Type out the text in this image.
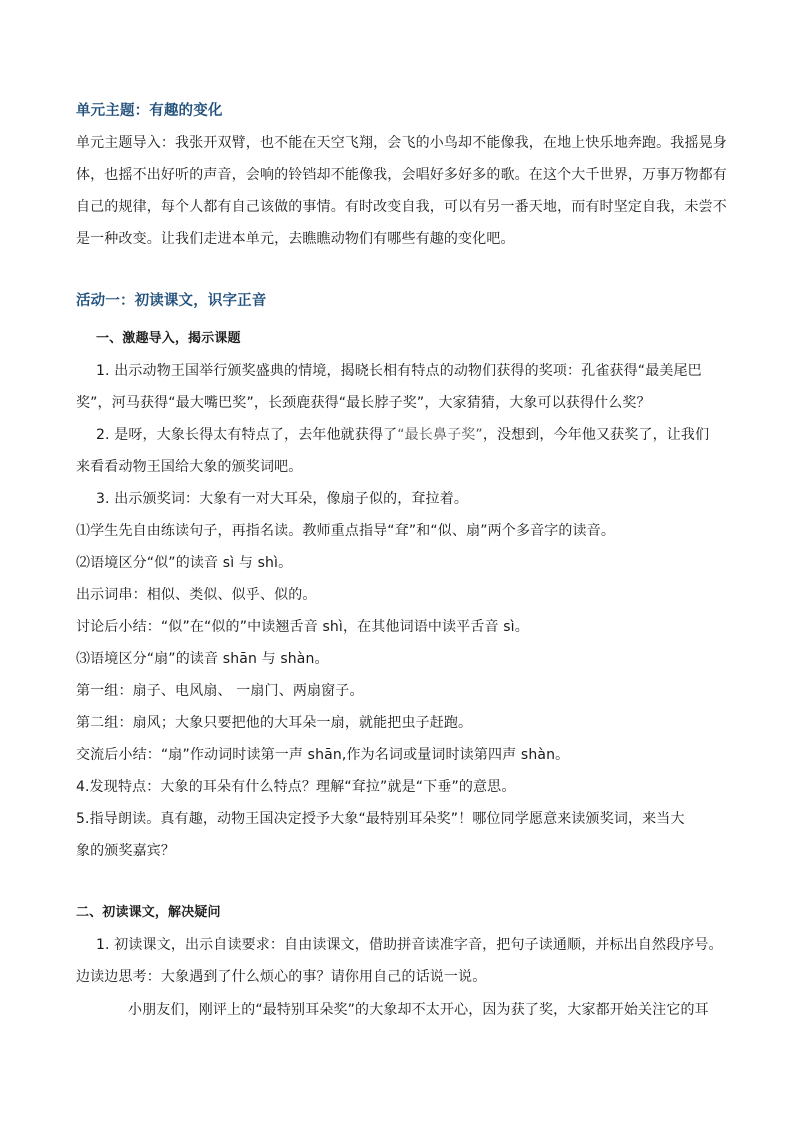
单元主题：有趣的变化

单元主题导入：我张开双臂，也不能在天空飞翔，会飞的小鸟却不能像我，在地上快乐地奔跑。我摇晃身

体，也摇不出好听的声音，会响的铃铛却不能像我，会唱好多好多的歌。在这个大千世界，万事万物都有

自己的规律，每个人都有自己该做的事情。有时改变自我，可以有另一番天地，而有时坚定自我，未尝不

是一种改变。让我们走进本单元，去瞧瞧动物们有哪些有趣的变化吧。

活动一：初读课文，识字正音

一、激趣导入，揭示课题

1. 出示动物王国举行颁奖盛典的情境，揭晓长相有特点的动物们获得的奖项：孔雀获得“最美尾巴

奖”，河马获得“最大嘴巴奖”，长颈鹿获得“最长脖子奖”，大家猜猜，大象可以获得什么奖？

2. 是呀，大象长得太有特点了，去年他就获得了“最长鼻子奖”，没想到，今年他又获奖了，让我们

来看看动物王国给大象的颁奖词吧。

3. 出示颁奖词：大象有一对大耳朵，像扇子似的，耷拉着。

⑴学生先自由练读句子，再指名读。教师重点指导“耷”和“似、扇”两个多音字的读音。

⑵语境区分“似”的读音 sì 与 shì。

出示词串：相似、类似、似乎、似的。

讨论后小结：“似”在“似的”中读翘舌音 shì，在其他词语中读平舌音 sì。

⑶语境区分“扇”的读音 shān 与 shàn。

第一组：扇子、电风扇、 一扇门、两扇窗子。

第二组：扇风；大象只要把他的大耳朵一扇，就能把虫子赶跑。

交流后小结：“扇”作动词时读第一声 shān,作为名词或量词时读第四声 shàn。

4.发现特点：大象的耳朵有什么特点？理解“耷拉”就是“下垂”的意思。

5.指导朗读。真有趣，动物王国决定授予大象“最特别耳朵奖”！哪位同学愿意来读颁奖词，来当大

象的颁奖嘉宾？

二、初读课文，解决疑问

1. 初读课文，出示自读要求：自由读课文，借助拼音读准字音，把句子读通顺，并标出自然段序号。

边读边思考：大象遇到了什么烦心的事？请你用自己的话说一说。

小朋友们，刚评上的“最特别耳朵奖”的大象却不太开心，因为获了奖，大家都开始关注它的耳
